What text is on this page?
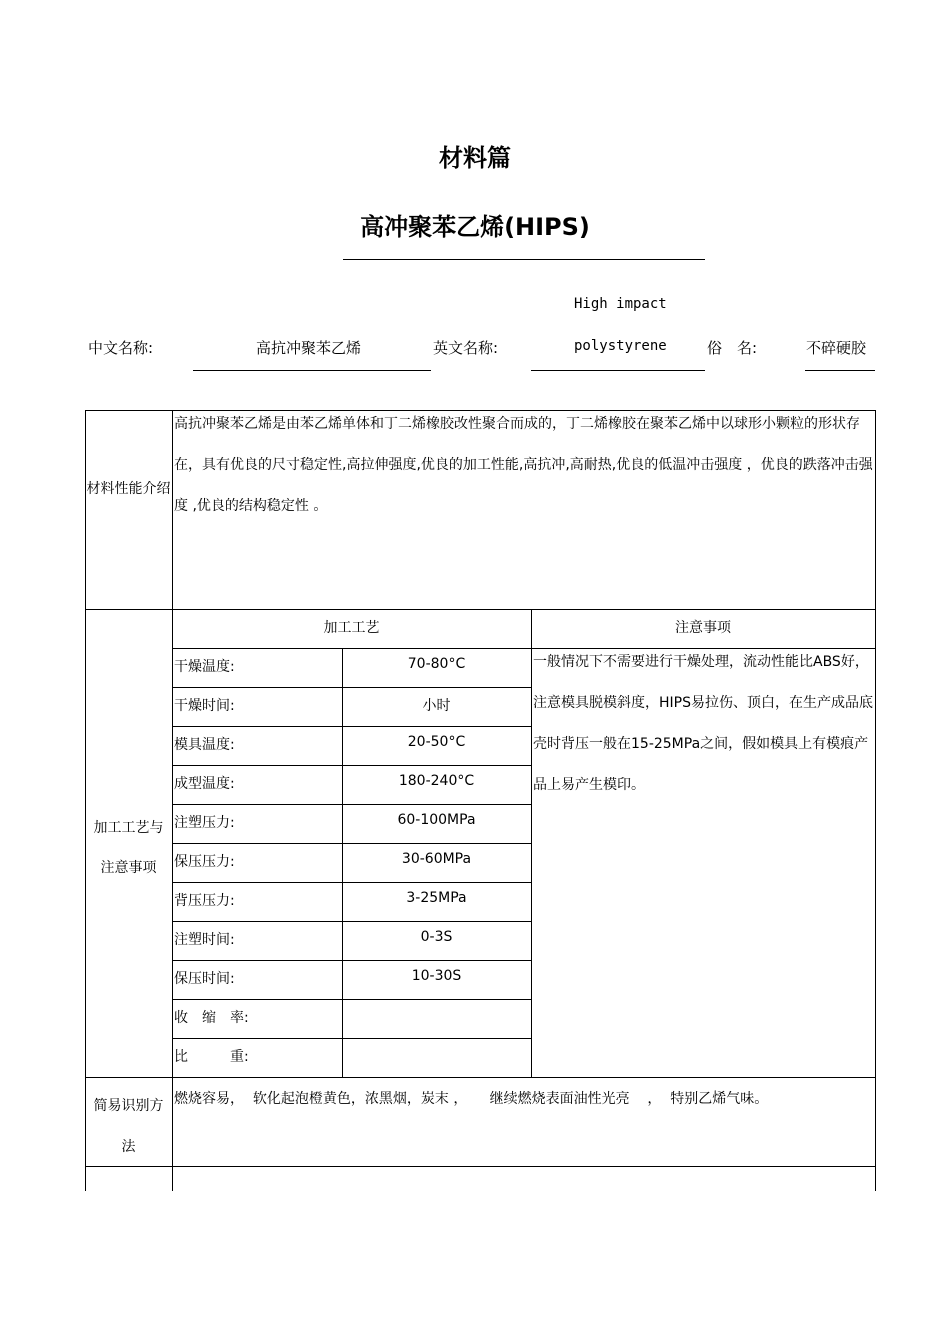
材料篇
高冲聚苯乙烯(HIPS)
中文名称:	高抗冲聚苯乙烯	英文名称:
High impact
polystyrene	俗　名:	不碎硬胶
材料性能介绍
高抗冲聚苯乙烯是由苯乙烯单体和丁二烯橡胶改性聚合而成的，丁二烯橡胶在聚苯乙烯中以球形小颗粒的形状存在，具有优良的尺寸稳定性,高拉伸强度,优良的加工性能,高抗冲,高耐热,优良的低温冲击强度 ，优良的跌落冲击强度 ,优良的结构稳定性 。
加工工艺与
注意事项
加工工艺	注意事项
干燥温度:	70-80°C
干燥时间:	小时
模具温度:	20-50°C
成型温度:	180-240°C
注塑压力:	60-100MPa
保压压力:	30-60MPa
背压压力:	3-25MPa
注塑时间:	0-3S
保压时间:	10-30S
收　缩　率:
比　　　重:
一般情况下不需要进行干燥处理，流动性能比ABS好，注意模具脱模斜度，HIPS易拉伤、顶白，在生产成品底壳时背压一般在15-25MPa之间，假如模具上有模痕产品上易产生模印。
简易识别方
法
燃烧容易，  软化起泡橙黄色，浓黑烟，炭末 ，     继续燃烧表面油性光亮    ，  特别乙烯气味。
